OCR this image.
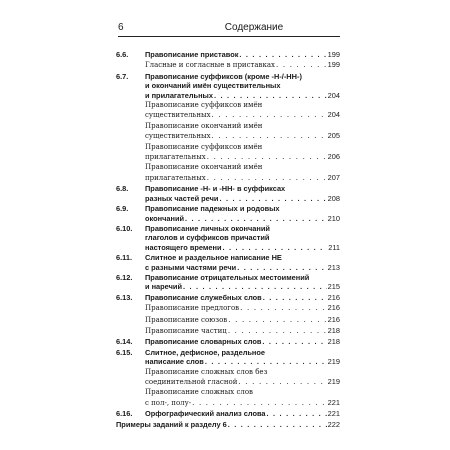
6	Содержание
6.6.	Правописание приставок . . .	199
Гласные и согласные в приставках . . .	199
6.7.	Правописание суффиксов (кроме -Н-/-НН-)
и окончаний имён существительных
и прилагательных . . .	204
Правописание суффиксов имён
существительных . . .	204
Правописание окончаний имён
существительных . . .	205
Правописание суффиксов имён
прилагательных . . .	206
Правописание окончаний имён
прилагательных . . .	207
6.8.	Правописание -Н- и -НН- в суффиксах
разных частей речи . . .	208
6.9.	Правописание падежных и родовых
окончаний . . .	210
6.10.	Правописание личных окончаний
глаголов и суффиксов причастий
настоящего времени . . .	211
6.11.	Слитное и раздельное написание НЕ
с разными частями речи . . .	213
6.12.	Правописание отрицательных местоимений
и наречий . . .	215
6.13.	Правописание служебных слов . . .	216
Правописание предлогов . . .	216
Правописание союзов . . .	216
Правописание частиц . . .	218
6.14.	Правописание словарных слов . . .	218
6.15.	Слитное, дефисное, раздельное
написание слов . . .	219
Правописание сложных слов без
соединительной гласной . . .	219
Правописание сложных слов
с пол-, полу- . . .	221
6.16.	Орфографический анализ слова . . .	221
Примеры заданий к разделу 6 . . .	222
